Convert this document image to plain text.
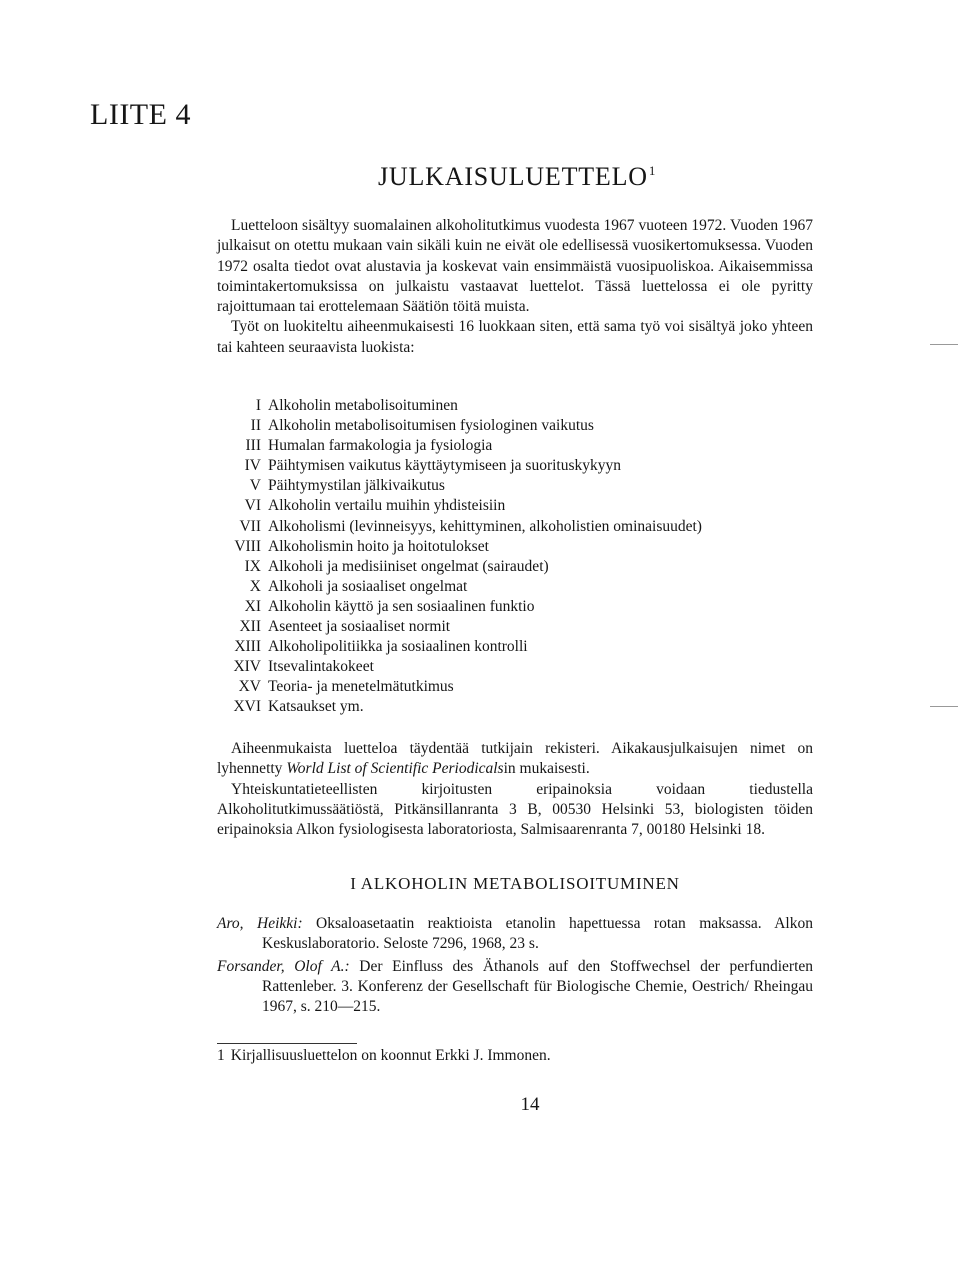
LIITE 4
JULKAISULUETTELO$^1$

Luetteloon sisältyy suomalainen alkoholitutkimus vuodesta 1967 vuoteen 1972. Vuoden 1967 julkaisut on otettu mukaan vain sikäli kuin ne eivät ole edellisessä vuosikertomuksessa. Vuoden 1972 osalta tiedot ovat alustavia ja koskevat vain ensimmäistä vuosipuoliskoa. Aikaisemmissa toimintakertomuksissa on julkaistu vastaavat luettelot. Tässä luettelossa ei ole pyritty rajoittumaan tai erottelemaan Säätiön töitä muista.

Työt on luokiteltu aiheenmukaisesti 16 luokkaan siten, että sama työ voi sisältyä joko yhteen tai kahteen seuraavista luokista:

I Alkoholin metabolisoituminen
II Alkoholin metabolisoitumisen fysiologinen vaikutus
III Humalan farmakologia ja fysiologia
IV Päihtymisen vaikutus käyttäytymiseen ja suorituskykyyn
V Päihtymystilan jälkivaikutus
VI Alkoholin vertailu muihin yhdisteisiin
VII Alkoholismi (levinneisyys, kehittyminen, alkoholistien ominaisuudet)
VIII Alkoholismin hoito ja hoitotulokset
IX Alkoholi ja medisiiniset ongelmat (sairaudet)
X Alkoholi ja sosiaaliset ongelmat
XI Alkoholin käyttö ja sen sosiaalinen funktio
XII Asenteet ja sosiaaliset normit
XIII Alkoholipolitiikka ja sosiaalinen kontrolli
XIV Itsevalintakokeet
XV Teoria- ja menetelmätutkimus
XVI Katsaukset ym.

Aiheenmukaista luetteloa täydentää tutkijain rekisteri. Aikakausjulkaisujen nimet on lyhennetty World List of Scientific Periodicalsin mukaisesti.

Yhteiskuntatieteellisten kirjoitusten eripainoksia voidaan tiedustella Alkoholitutkimussäätiöstä, Pitkänsillanranta 3 B, 00530 Helsinki 53, biologisten töiden eripainoksia Alkon fysiologisesta laboratoriosta, Salmisaarenranta 7, 00180 Helsinki 18.

I ALKOHOLIN METABOLISOITUMINEN

Aro, Heikki: Oksaloasetaatin reaktioista etanolin hapettuessa rotan maksassa. Alkon Keskuslaboratorio. Seloste 7296, 1968, 23 s.

Forsander, Olof A.: Der Einfluss des Äthanols auf den Stoffwechsel der perfundierten Rattenleber. 3. Konferenz der Gesellschaft für Biologische Chemie, Oestrich/ Rheingau 1967, s. 210—215.

1 Kirjallisuusluettelon on koonnut Erkki J. Immonen.

14
